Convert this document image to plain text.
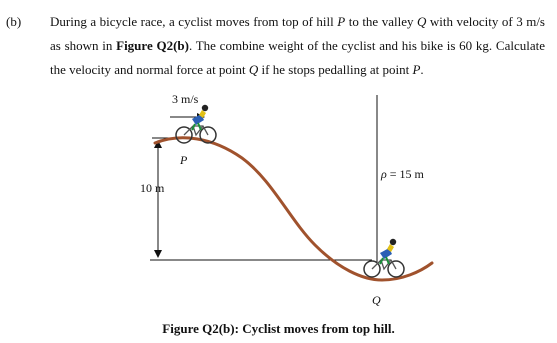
(b) During a bicycle race, a cyclist moves from top of hill P to the valley Q with velocity of 3 m/s as shown in Figure Q2(b). The combine weight of the cyclist and his bike is 60 kg. Calculate the velocity and normal force at point Q if he stops pedalling at point P.
3 m/s
P
10 m
ρ = 15 m
Q
Figure Q2(b): Cyclist moves from top hill.
